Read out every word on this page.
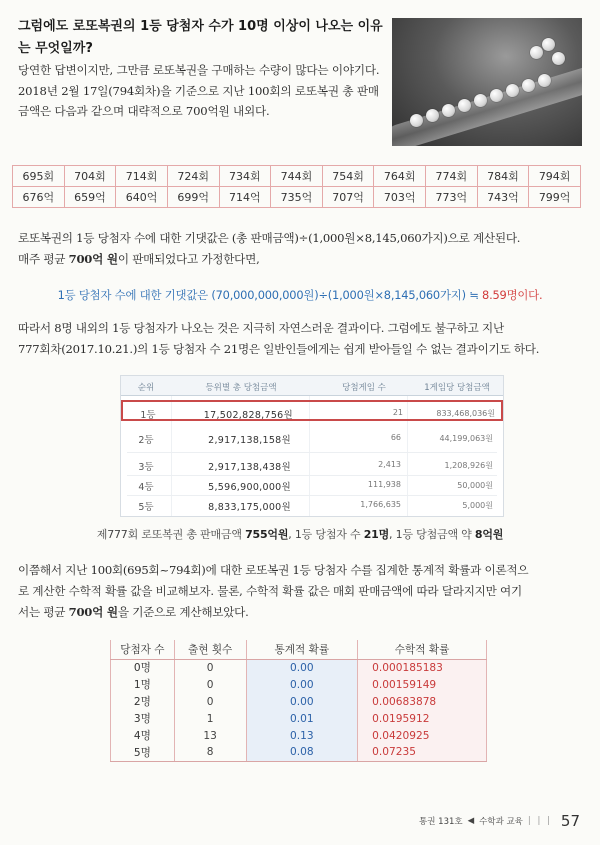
그럼에도 로또복권의 1등 당첨자 수가 10명 이상이 나오는 이유는 무엇일까?
당연한 답변이지만, 그만큼 로또복권을 구매하는 수량이 많다는 이야기다. 2018년 2월 17일(794회차)을 기준으로 지난 100회의 로또복권 총 판매금액은 다음과 같으며 대략적으로 700억원 내외다.
695회	704회	714회	724회	734회	744회	754회	764회	774회	784회	794회
676억	659억	640억	699억	714억	735억	707억	703억	773억	743억	799억
로또복권의 1등 당첨자 수에 대한 기댓값은 (총 판매금액)÷(1,000원×8,145,060가지)으로 계산된다.
매주 평균 700억 원이 판매되었다고 가정한다면,
1등 당첨자 수에 대한 기댓값은 (70,000,000,000원)÷(1,000원×8,145,060가지) ≒ 8.59명이다.
따라서 8명 내외의 1등 당첨자가 나오는 것은 지극히 자연스러운 결과이다. 그럼에도 불구하고 지난
777회차(2017.10.21.)의 1등 당첨자 수 21명은 일반인들에게는 쉽게 받아들일 수 없는 결과이기도 하다.
순위	등위별 총 당첨금액	당첨게임 수	1게임당 당첨금액
1등	17,502,828,756원	21	833,468,036원
2등	2,917,138,158원	66	44,199,063원
3등	2,917,138,438원	2,413	1,208,926원
4등	5,596,900,000원	111,938	50,000원
5등	8,833,175,000원	1,766,635	5,000원
제777회 로또복권 총 판매금액 755억원, 1등 당첨자 수 21명, 1등 당첨금액 약 8억원
이쯤해서 지난 100회(695회~794회)에 대한 로또복권 1등 당첨자 수를 집계한 통계적 확률과 이론적으
로 계산한 수학적 확률 값을 비교해보자. 물론, 수학적 확률 값은 매회 판매금액에 따라 달라지지만 여기
서는 평균 700억 원을 기준으로 계산해보았다.
당첨자 수	출현 횟수	통계적 확률	수학적 확률
0명	0	0.00	0.000185183
1명	0	0.00	0.00159149
2명	0	0.00	0.00683878
3명	1	0.01	0.0195912
4명	13	0.13	0.0420925
5명	8	0.08	0.07235
통권 131호 ◀ 수학과 교육 | | | 57
